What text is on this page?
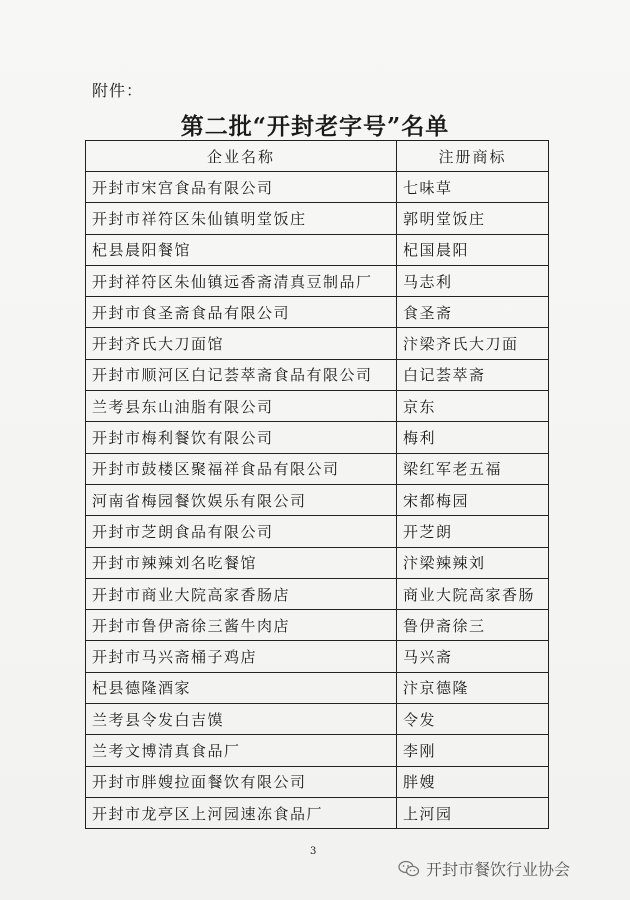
附件：
第二批“开封老字号”名单
企业名称	注册商标
开封市宋宫食品有限公司	七味草
开封市祥符区朱仙镇明堂饭庄	郭明堂饭庄
杞县晨阳餐馆	杞国晨阳
开封祥符区朱仙镇远香斋清真豆制品厂	马志利
开封市食圣斋食品有限公司	食圣斋
开封齐氏大刀面馆	汴梁齐氏大刀面
开封市顺河区白记荟萃斋食品有限公司	白记荟萃斋
兰考县东山油脂有限公司	京东
开封市梅利餐饮有限公司	梅利
开封市鼓楼区聚福祥食品有限公司	梁红军老五福
河南省梅园餐饮娱乐有限公司	宋都梅园
开封市芝朗食品有限公司	开芝朗
开封市辣辣刘名吃餐馆	汴梁辣辣刘
开封市商业大院高家香肠店	商业大院高家香肠
开封市鲁伊斋徐三酱牛肉店	鲁伊斋徐三
开封市马兴斋桶子鸡店	马兴斋
杞县德隆酒家	汴京德隆
兰考县令发白吉馍	令发
兰考文博清真食品厂	李刚
开封市胖嫂拉面餐饮有限公司	胖嫂
开封市龙亭区上河园速冻食品厂	上河园
3
开封市餐饮行业协会
